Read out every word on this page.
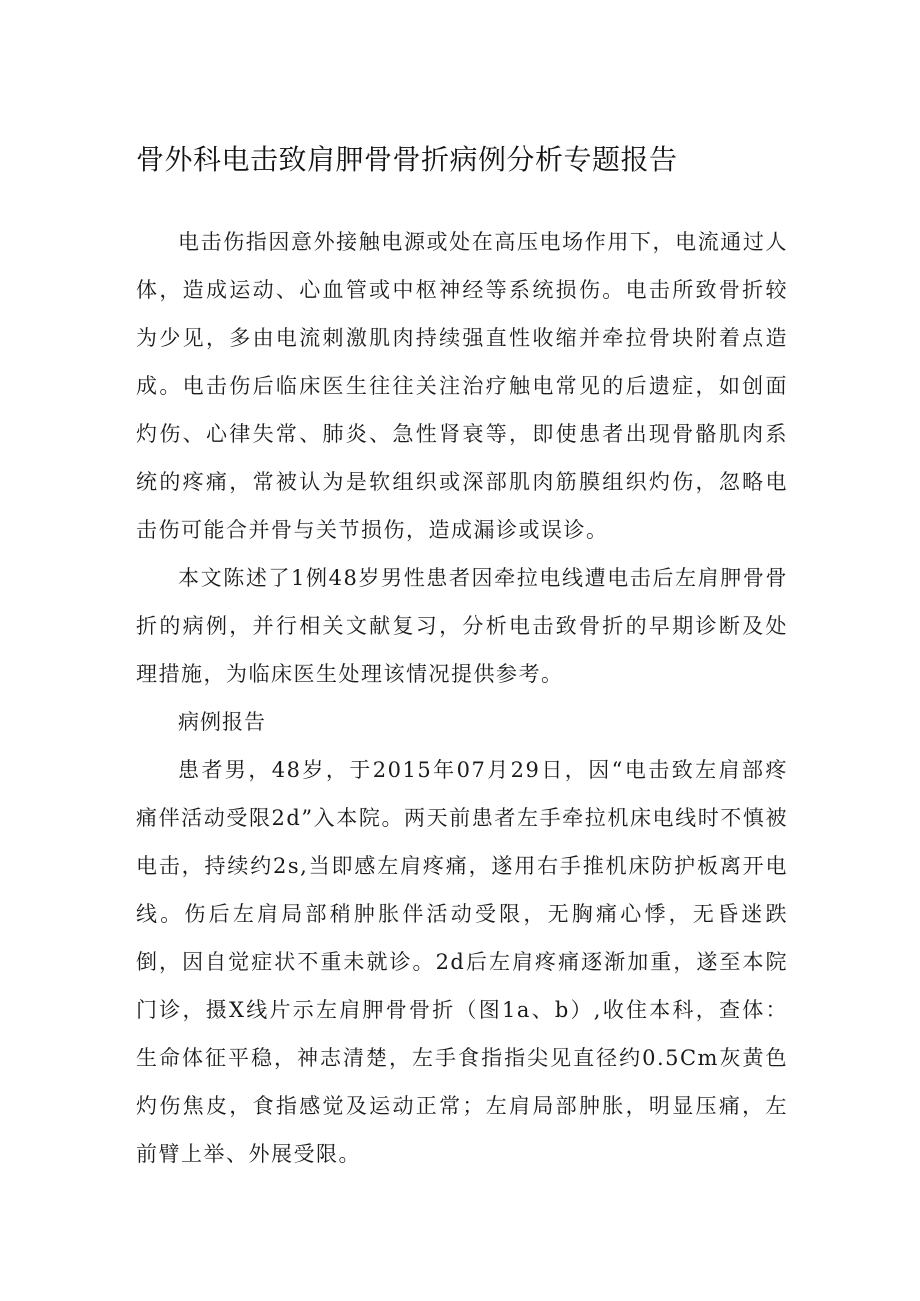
骨外科电击致肩胛骨骨折病例分析专题报告

电击伤指因意外接触电源或处在高压电场作用下，电流通过人体，造成运动、心血管或中枢神经等系统损伤。电击所致骨折较为少见，多由电流刺激肌肉持续强直性收缩并牵拉骨块附着点造成。电击伤后临床医生往往关注治疗触电常见的后遗症，如创面灼伤、心律失常、肺炎、急性肾衰等，即使患者出现骨骼肌肉系统的疼痛，常被认为是软组织或深部肌肉筋膜组织灼伤，忽略电击伤可能合并骨与关节损伤，造成漏诊或误诊。

本文陈述了1例48岁男性患者因牵拉电线遭电击后左肩胛骨骨折的病例，并行相关文献复习，分析电击致骨折的早期诊断及处理措施，为临床医生处理该情况提供参考。

病例报告

患者男，48岁，于2015年07月29日，因“电击致左肩部疼痛伴活动受限2d”入本院。两天前患者左手牵拉机床电线时不慎被电击，持续约2s,当即感左肩疼痛，遂用右手推机床防护板离开电线。伤后左肩局部稍肿胀伴活动受限，无胸痛心悸，无昏迷跌倒，因自觉症状不重未就诊。2d后左肩疼痛逐渐加重，遂至本院门诊，摄X线片示左肩胛骨骨折（图1a、b）,收住本科，查体：生命体征平稳，神志清楚，左手食指指尖见直径约0.5Cm灰黄色灼伤焦皮，食指感觉及运动正常；左肩局部肿胀，明显压痛，左前臂上举、外展受限。
